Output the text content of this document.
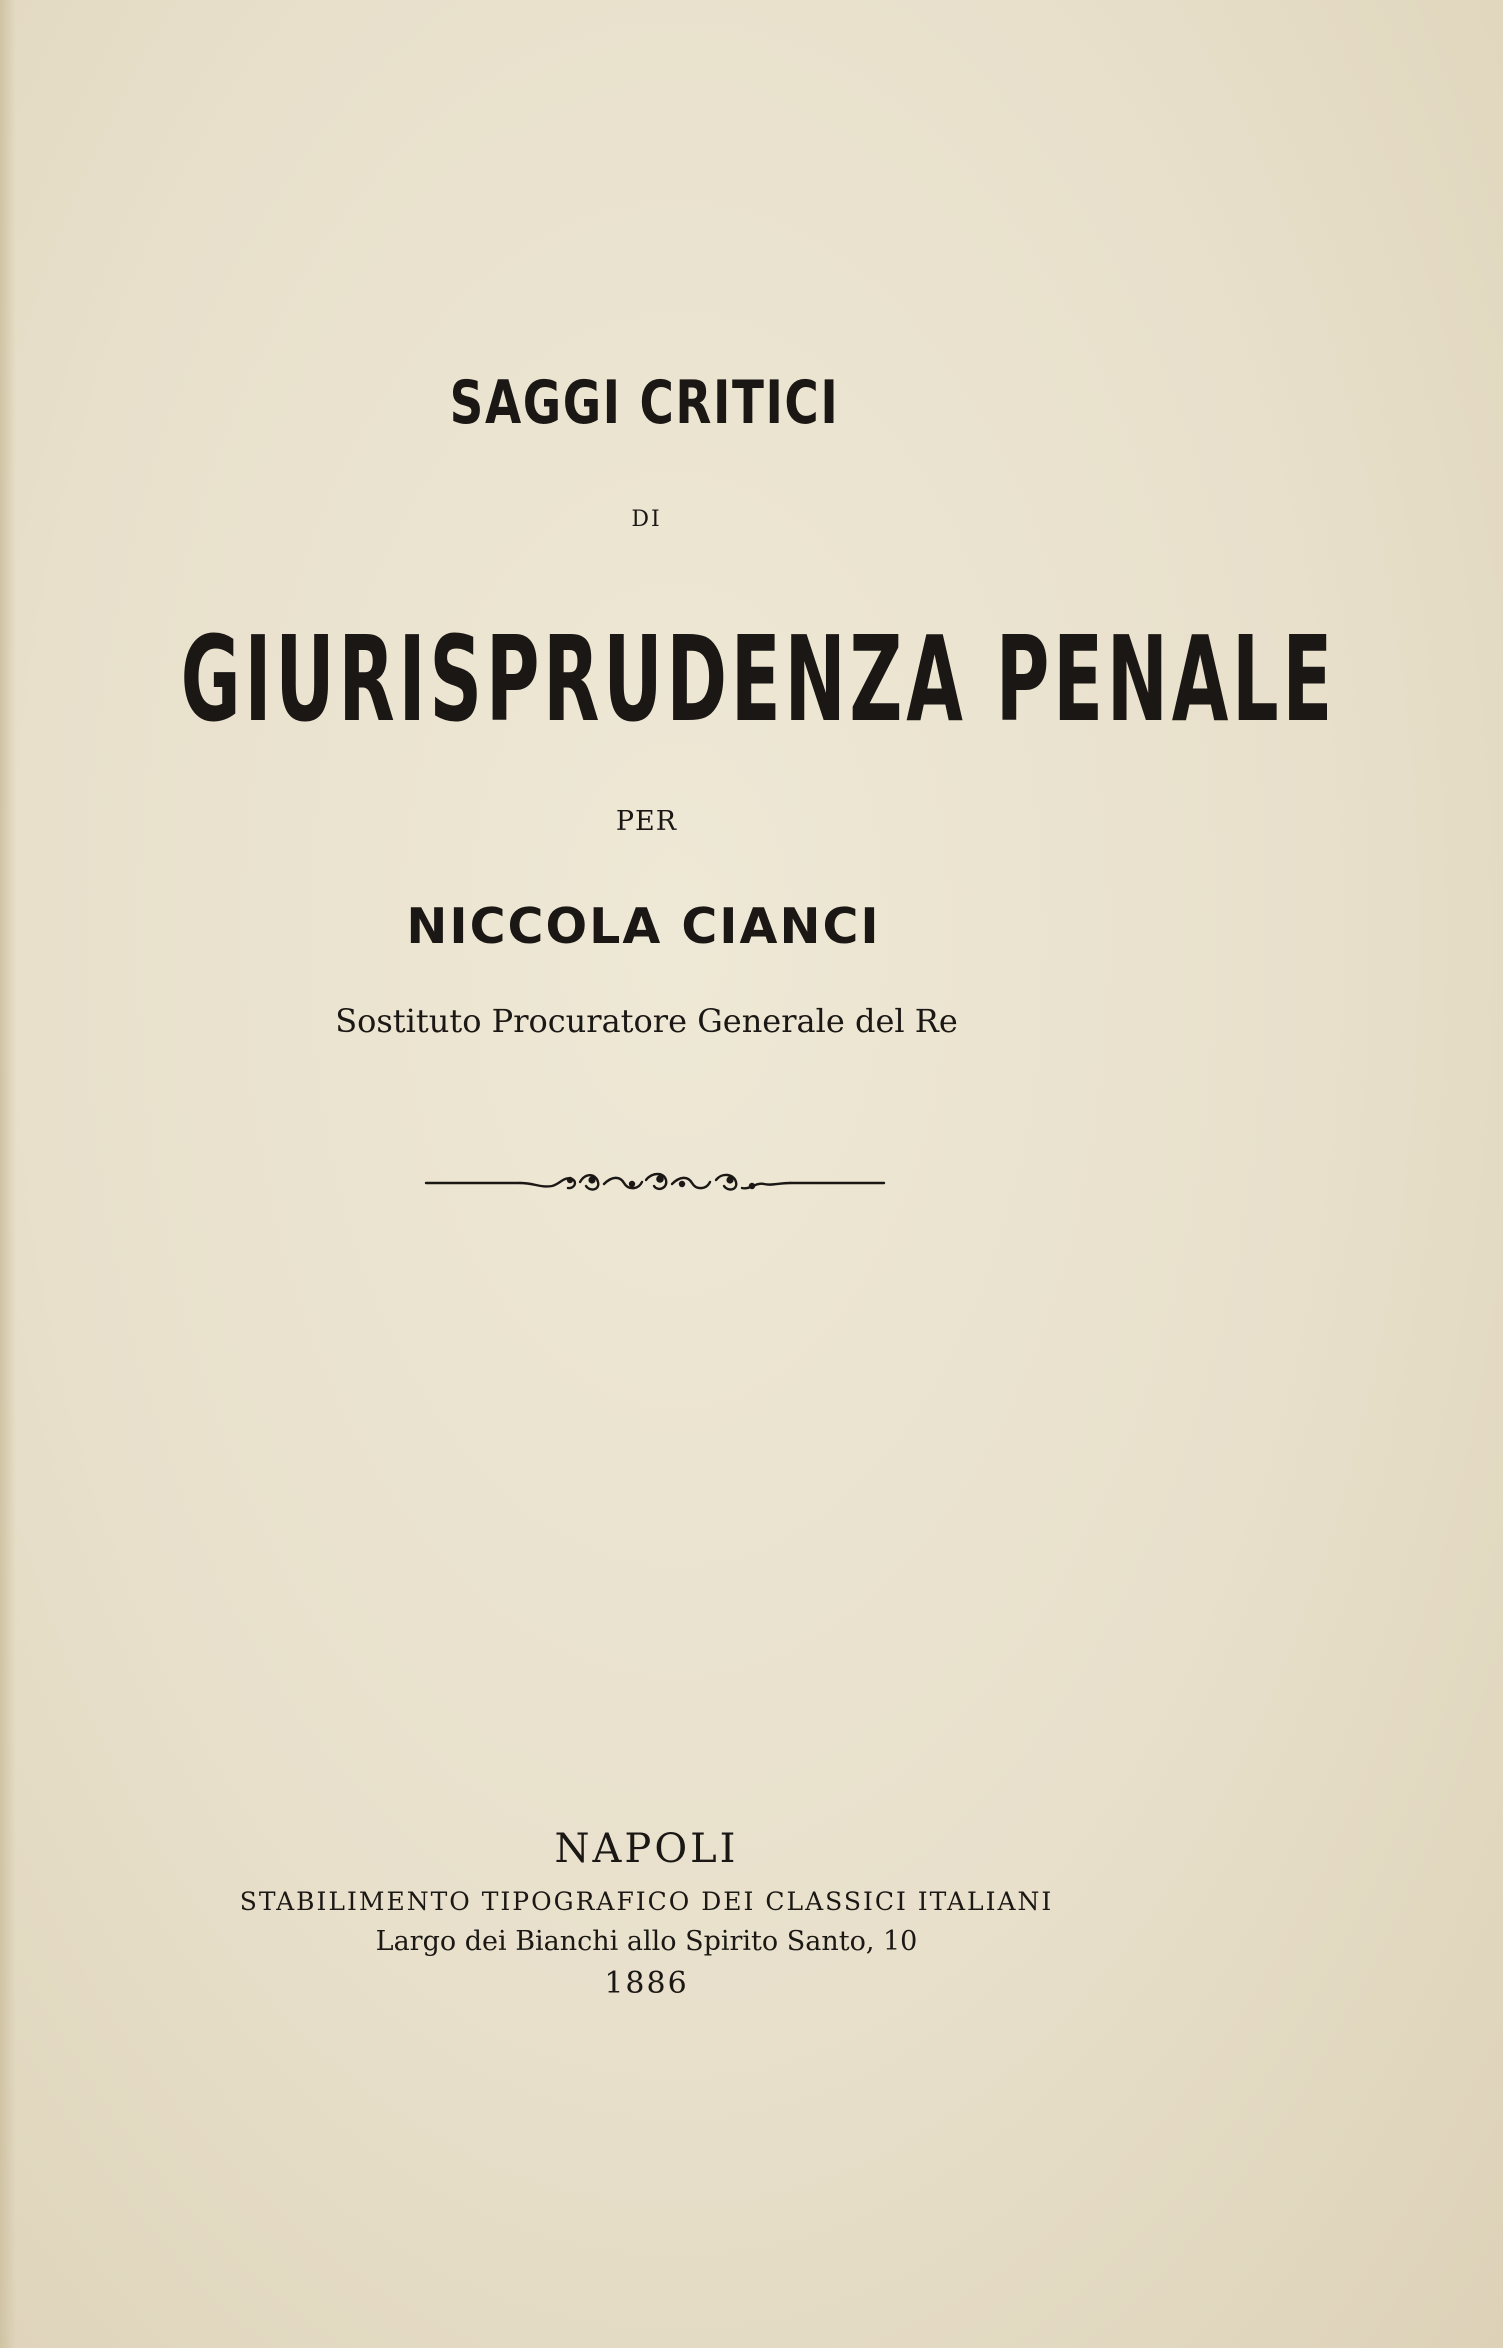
SAGGI CRITICI
DI
GIURISPRUDENZA PENALE
PER
NICCOLA CIANCI
Sostituto Procuratore Generale del Re
NAPOLI
STABILIMENTO TIPOGRAFICO DEI CLASSICI ITALIANI
Largo dei Bianchi allo Spirito Santo, 10
1886
